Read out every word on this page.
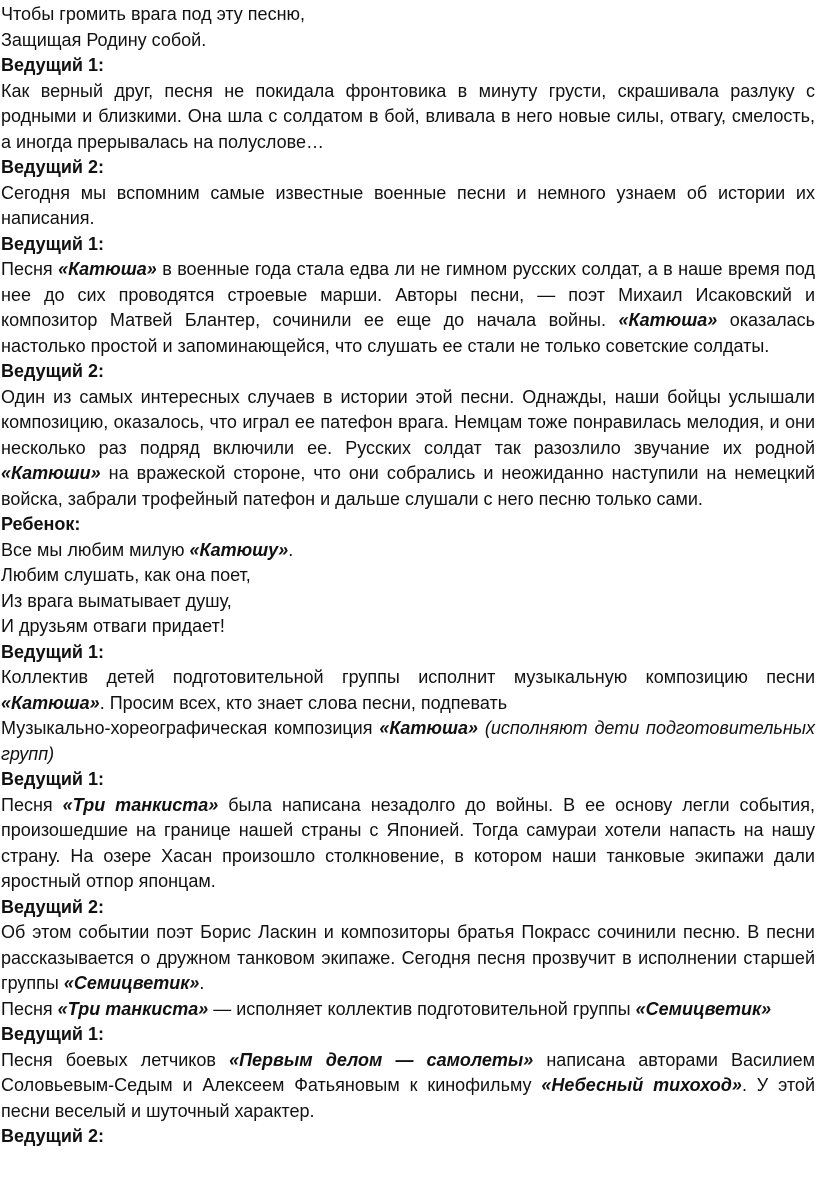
Чтобы громить врага под эту песню,
Защищая Родину собой.
Ведущий 1:
Как верный друг, песня не покидала фронтовика в минуту грусти, скрашивала разлуку с родными и близкими. Она шла с солдатом в бой, вливала в него новые силы, отвагу, смелость, а иногда прерывалась на полуслове…
Ведущий 2:
Сегодня мы вспомним самые известные военные песни и немного узнаем об истории их написания.
Ведущий 1:
Песня «Катюша» в военные года стала едва ли не гимном русских солдат, а в наше время под нее до сих проводятся строевые марши. Авторы песни, — поэт Михаил Исаковский и композитор Матвей Блантер, сочинили ее еще до начала войны. «Катюша» оказалась настолько простой и запоминающейся, что слушать ее стали не только советские солдаты.
Ведущий 2:
Один из самых интересных случаев в истории этой песни. Однажды, наши бойцы услышали композицию, оказалось, что играл ее патефон врага. Немцам тоже понравилась мелодия, и они несколько раз подряд включили ее. Русских солдат так разозлило звучание их родной «Катюши» на вражеской стороне, что они собрались и неожиданно наступили на немецкий войска, забрали трофейный патефон и дальше слушали с него песню только сами.
Ребенок:
Все мы любим милую «Катюшу».
Любим слушать, как она поет,
Из врага выматывает душу,
И друзьям отваги придает!
Ведущий 1:
Коллектив детей подготовительной группы исполнит музыкальную композицию песни «Катюша». Просим всех, кто знает слова песни, подпевать
Музыкально-хореографическая композиция «Катюша» (исполняют дети подготовительных групп)
Ведущий 1:
Песня «Три танкиста» была написана незадолго до войны. В ее основу легли события, произошедшие на границе нашей страны с Японией. Тогда самураи хотели напасть на нашу страну. На озере Хасан произошло столкновение, в котором наши танковые экипажи дали яростный отпор японцам.
Ведущий 2:
Об этом событии поэт Борис Ласкин и композиторы братья Покрасс сочинили песню. В песни рассказывается о дружном танковом экипаже. Сегодня песня прозвучит в исполнении старшей группы «Семицветик».
Песня «Три танкиста» — исполняет коллектив подготовительной группы «Семицветик»
Ведущий 1:
Песня боевых летчиков «Первым делом — самолеты» написана авторами Василием Соловьевым-Седым и Алексеем Фатьяновым к кинофильму «Небесный тихоход». У этой песни веселый и шуточный характер.
Ведущий 2:
